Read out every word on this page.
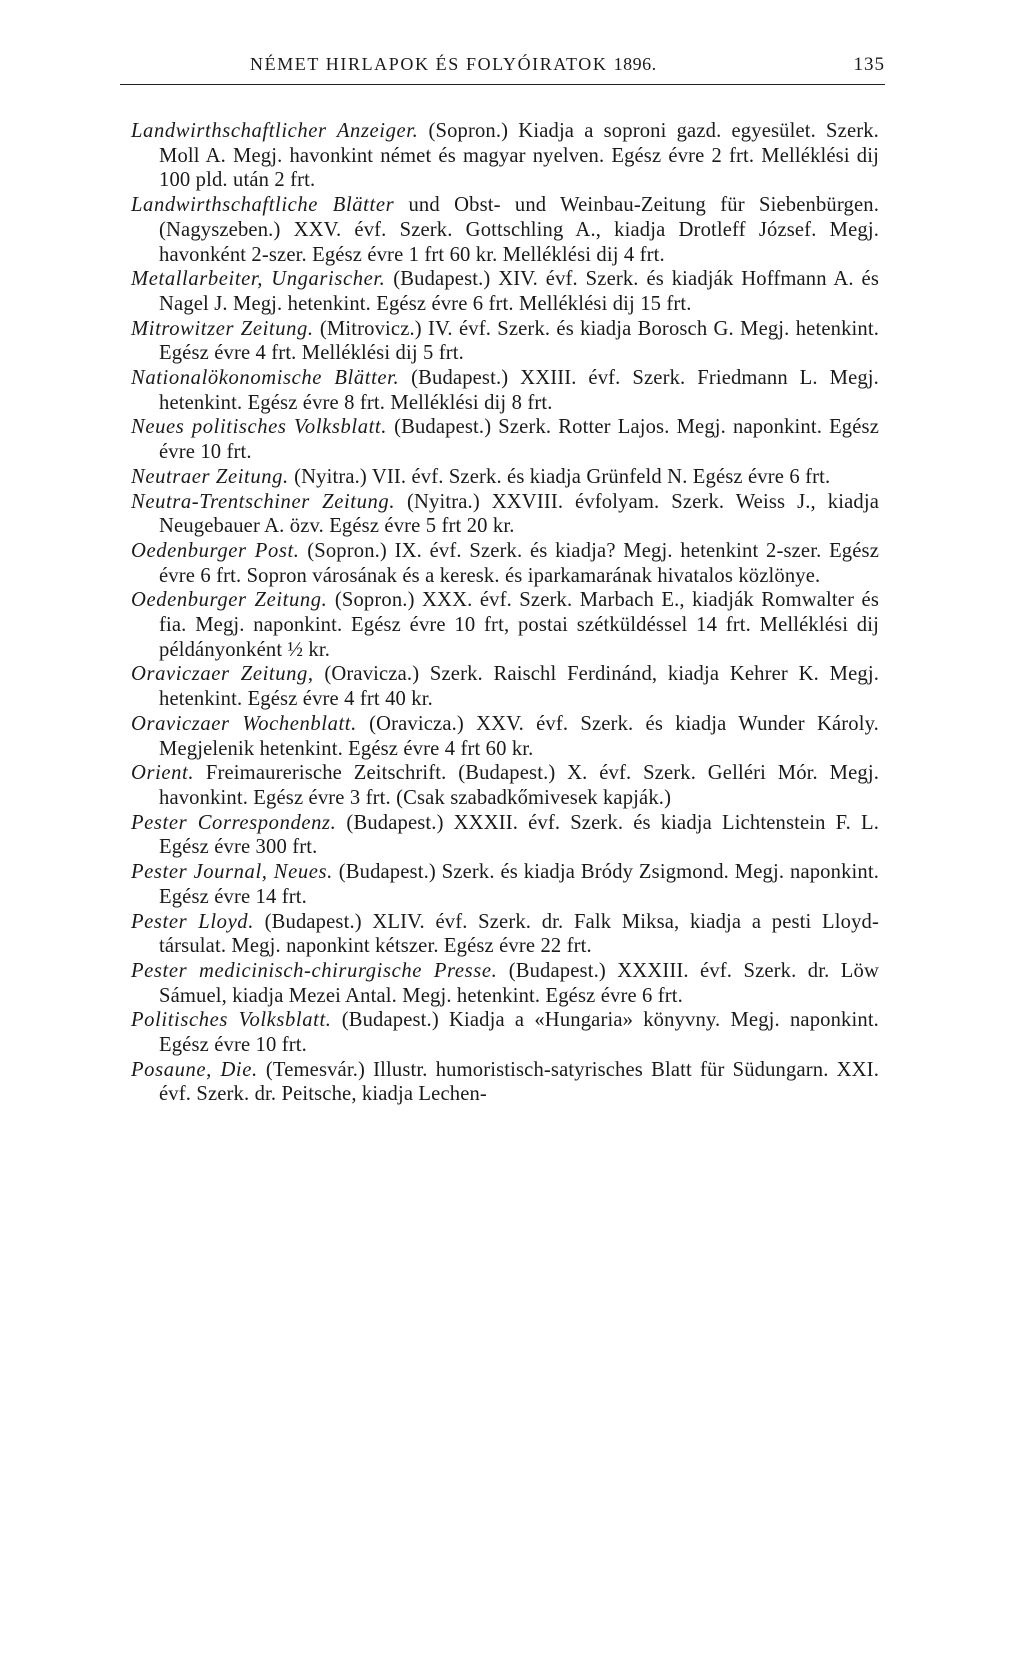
NÉMET HIRLAPOK ÉS FOLYÓIRATOK 1896.	135

Landwirthschaftlicher Anzeiger. (Sopron.) Kiadja a soproni gazd. egyesület. Szerk. Moll A. Megj. havonkint német és magyar nyelven. Egész évre 2 frt. Melléklési dij 100 pld. után 2 frt.

Landwirthschaftliche Blätter und Obst- und Weinbau-Zeitung für Siebenbürgen. (Nagyszeben.) XXV. évf. Szerk. Gottschling A., kiadja Drotleff József. Megj. havonként 2-szer. Egész évre 1 frt 60 kr. Melléklési dij 4 frt.

Metallarbeiter, Ungarischer. (Budapest.) XIV. évf. Szerk. és kiadják Hoffmann A. és Nagel J. Megj. hetenkint. Egész évre 6 frt. Melléklési dij 15 frt.

Mitrowitzer Zeitung. (Mitrovicz.) IV. évf. Szerk. és kiadja Borosch G. Megj. hetenkint. Egész évre 4 frt. Melléklési dij 5 frt.

Nationalökonomische Blätter. (Budapest.) XXIII. évf. Szerk. Friedmann L. Megj. hetenkint. Egész évre 8 frt. Melléklési dij 8 frt.

Neues politisches Volksblatt. (Budapest.) Szerk. Rotter Lajos. Megj. naponkint. Egész évre 10 frt.

Neutraer Zeitung. (Nyitra.) VII. évf. Szerk. és kiadja Grünfeld N. Egész évre 6 frt.

Neutra-Trentschiner Zeitung. (Nyitra.) XXVIII. évfolyam. Szerk. Weiss J., kiadja Neugebauer A. özv. Egész évre 5 frt 20 kr.

Oedenburger Post. (Sopron.) IX. évf. Szerk. és kiadja? Megj. hetenkint 2-szer. Egész évre 6 frt. Sopron városának és a keresk. és iparkamarának hivatalos közlönye.

Oedenburger Zeitung. (Sopron.) XXX. évf. Szerk. Marbach E., kiadják Romwalter és fia. Megj. naponkint. Egész évre 10 frt, postai szétküldéssel 14 frt. Melléklési dij példányonként ½ kr.

Oraviczaer Zeitung, (Oravicza.) Szerk. Raischl Ferdinánd, kiadja Kehrer K. Megj. hetenkint. Egész évre 4 frt 40 kr.

Oraviczaer Wochenblatt. (Oravicza.) XXV. évf. Szerk. és kiadja Wunder Károly. Megjelenik hetenkint. Egész évre 4 frt 60 kr.

Orient. Freimaurerische Zeitschrift. (Budapest.) X. évf. Szerk. Gelléri Mór. Megj. havonkint. Egész évre 3 frt. (Csak szabadkőmivesek kapják.)

Pester Correspondenz. (Budapest.) XXXII. évf. Szerk. és kiadja Lichtenstein F. L. Egész évre 300 frt.

Pester Journal, Neues. (Budapest.) Szerk. és kiadja Bródy Zsigmond. Megj. naponkint. Egész évre 14 frt.

Pester Lloyd. (Budapest.) XLIV. évf. Szerk. dr. Falk Miksa, kiadja a pesti Lloyd-társulat. Megj. naponkint kétszer. Egész évre 22 frt.

Pester medicinisch-chirurgische Presse. (Budapest.) XXXIII. évf. Szerk. dr. Löw Sámuel, kiadja Mezei Antal. Megj. hetenkint. Egész évre 6 frt.

Politisches Volksblatt. (Budapest.) Kiadja a «Hungaria» könyvny. Megj. naponkint. Egész évre 10 frt.

Posaune, Die. (Temesvár.) Illustr. humoristisch-satyrisches Blatt für Südungarn. XXI. évf. Szerk. dr. Peitsche, kiadja Lechen-
